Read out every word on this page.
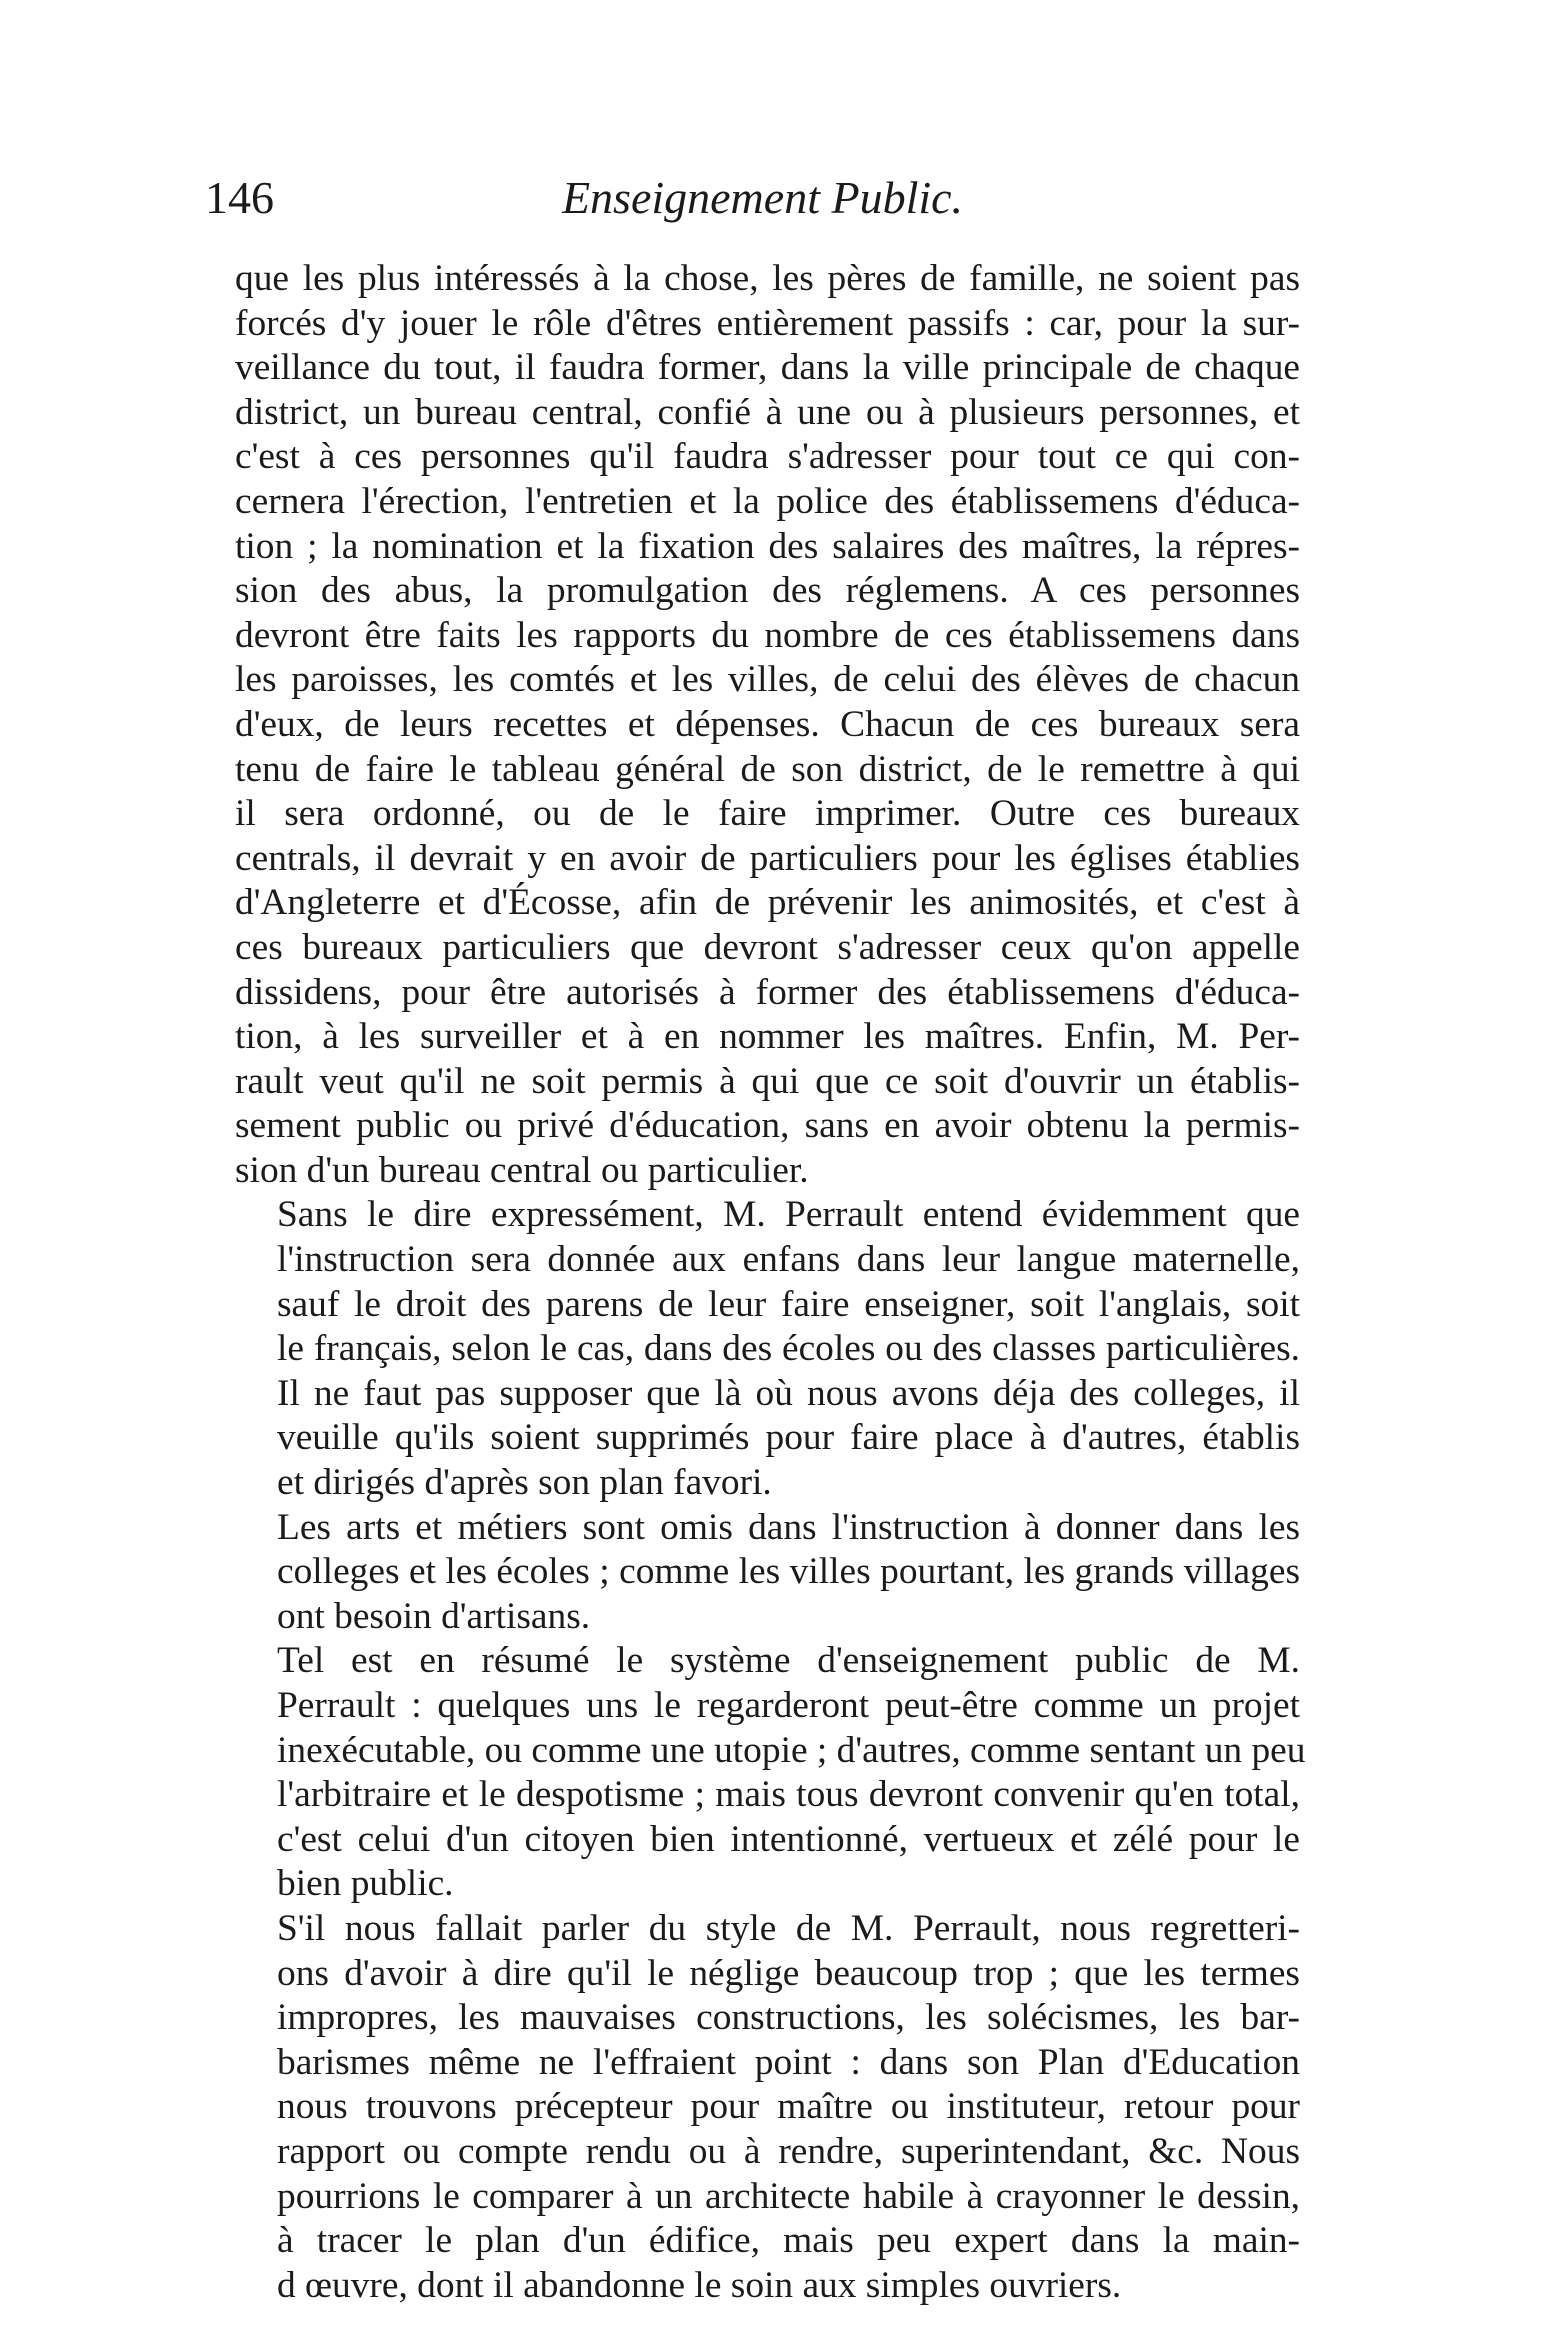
146	Enseignement Public.
que les plus intéressés à la chose, les pères de famille, ne soient pas
forcés d'y jouer le rôle d'êtres entièrement passifs : car, pour la sur-
veillance du tout, il faudra former, dans la ville principale de chaque
district, un bureau central, confié à une ou à plusieurs personnes, et
c'est à ces personnes qu'il faudra s'adresser pour tout ce qui con-
cernera l'érection, l'entretien et la police des établissemens d'éduca-
tion ; la nomination et la fixation des salaires des maîtres, la répres-
sion des abus, la promulgation des réglemens. A ces personnes
devront être faits les rapports du nombre de ces établissemens dans
les paroisses, les comtés et les villes, de celui des élèves de chacun
d'eux, de leurs recettes et dépenses. Chacun de ces bureaux sera
tenu de faire le tableau général de son district, de le remettre à qui
il sera ordonné, ou de le faire imprimer. Outre ces bureaux
centrals, il devrait y en avoir de particuliers pour les églises établies
d'Angleterre et d'Écosse, afin de prévenir les animosités, et c'est à
ces bureaux particuliers que devront s'adresser ceux qu'on appelle
dissidens, pour être autorisés à former des établissemens d'éduca-
tion, à les surveiller et à en nommer les maîtres. Enfin, M. Per-
rault veut qu'il ne soit permis à qui que ce soit d'ouvrir un établis-
sement public ou privé d'éducation, sans en avoir obtenu la permis-
sion d'un bureau central ou particulier.
Sans le dire expressément, M. Perrault entend évidemment que
l'instruction sera donnée aux enfans dans leur langue maternelle,
sauf le droit des parens de leur faire enseigner, soit l'anglais, soit
le français, selon le cas, dans des écoles ou des classes particulières.
Il ne faut pas supposer que là où nous avons déja des colleges, il
veuille qu'ils soient supprimés pour faire place à d'autres, établis
et dirigés d'après son plan favori.
Les arts et métiers sont omis dans l'instruction à donner dans les
colleges et les écoles ; comme les villes pourtant, les grands villages
ont besoin d'artisans.
Tel est en résumé le système d'enseignement public de M.
Perrault : quelques uns le regarderont peut-être comme un projet
inexécutable, ou comme une utopie ; d'autres, comme sentant un peu
l'arbitraire et le despotisme ; mais tous devront convenir qu'en total,
c'est celui d'un citoyen bien intentionné, vertueux et zélé pour le
bien public.
S'il nous fallait parler du style de M. Perrault, nous regretteri-
ons d'avoir à dire qu'il le néglige beaucoup trop ; que les termes
impropres, les mauvaises constructions, les solécismes, les bar-
barismes même ne l'effraient point : dans son Plan d'Education
nous trouvons précepteur pour maître ou instituteur, retour pour
rapport ou compte rendu ou à rendre, superintendant, &c. Nous
pourrions le comparer à un architecte habile à crayonner le dessin,
à tracer le plan d'un édifice, mais peu expert dans la main-
d œuvre, dont il abandonne le soin aux simples ouvriers.
